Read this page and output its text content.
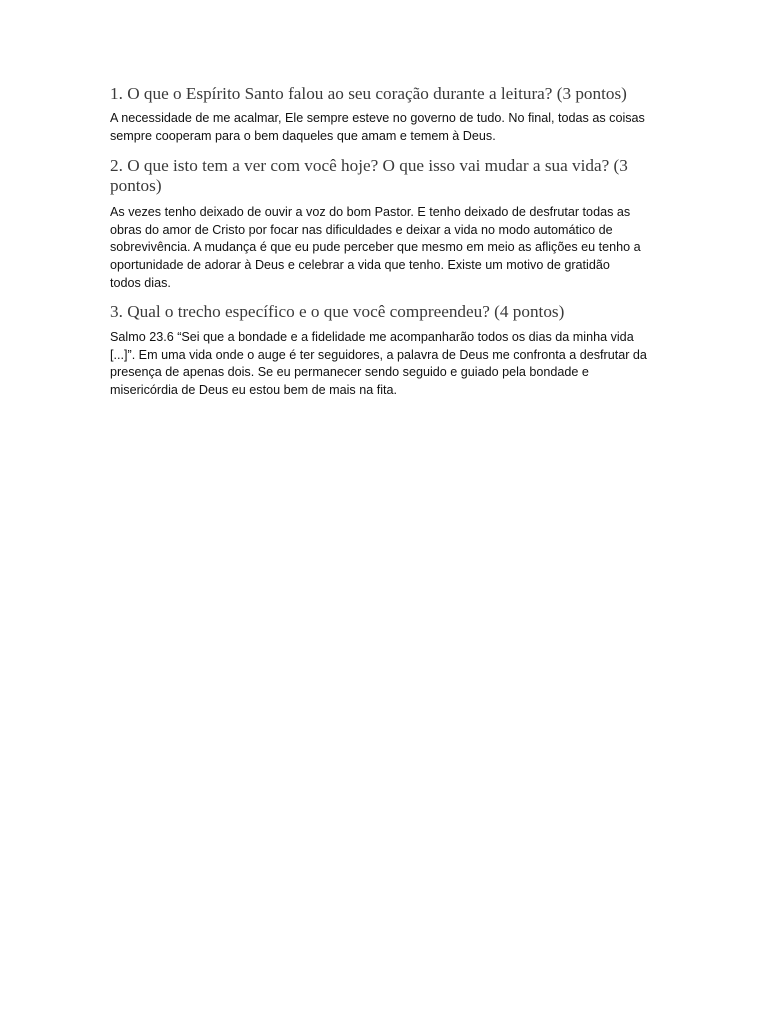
1. O que o Espírito Santo falou ao seu coração durante a leitura? (3 pontos)

A necessidade de me acalmar, Ele sempre esteve no governo de tudo. No final, todas as coisas
sempre cooperam para o bem daqueles que amam e temem à Deus.

2. O que isto tem a ver com você hoje? O que isso vai mudar a sua vida? (3
pontos)

As vezes tenho deixado de ouvir a voz do bom Pastor. E tenho deixado de desfrutar todas as
obras do amor de Cristo por focar nas dificuldades e deixar a vida no modo automático de
sobrevivência. A mudança é que eu pude perceber que mesmo em meio as aflições eu tenho a
oportunidade de adorar à Deus e celebrar a vida que tenho. Existe um motivo de gratidão
todos dias.

3. Qual o trecho específico e o que você compreendeu? (4 pontos)

Salmo 23.6 “Sei que a bondade e a fidelidade me acompanharão todos os dias da minha vida
[...]”. Em uma vida onde o auge é ter seguidores, a palavra de Deus me confronta a desfrutar da
presença de apenas dois. Se eu permanecer sendo seguido e guiado pela bondade e
misericórdia de Deus eu estou bem de mais na fita.
